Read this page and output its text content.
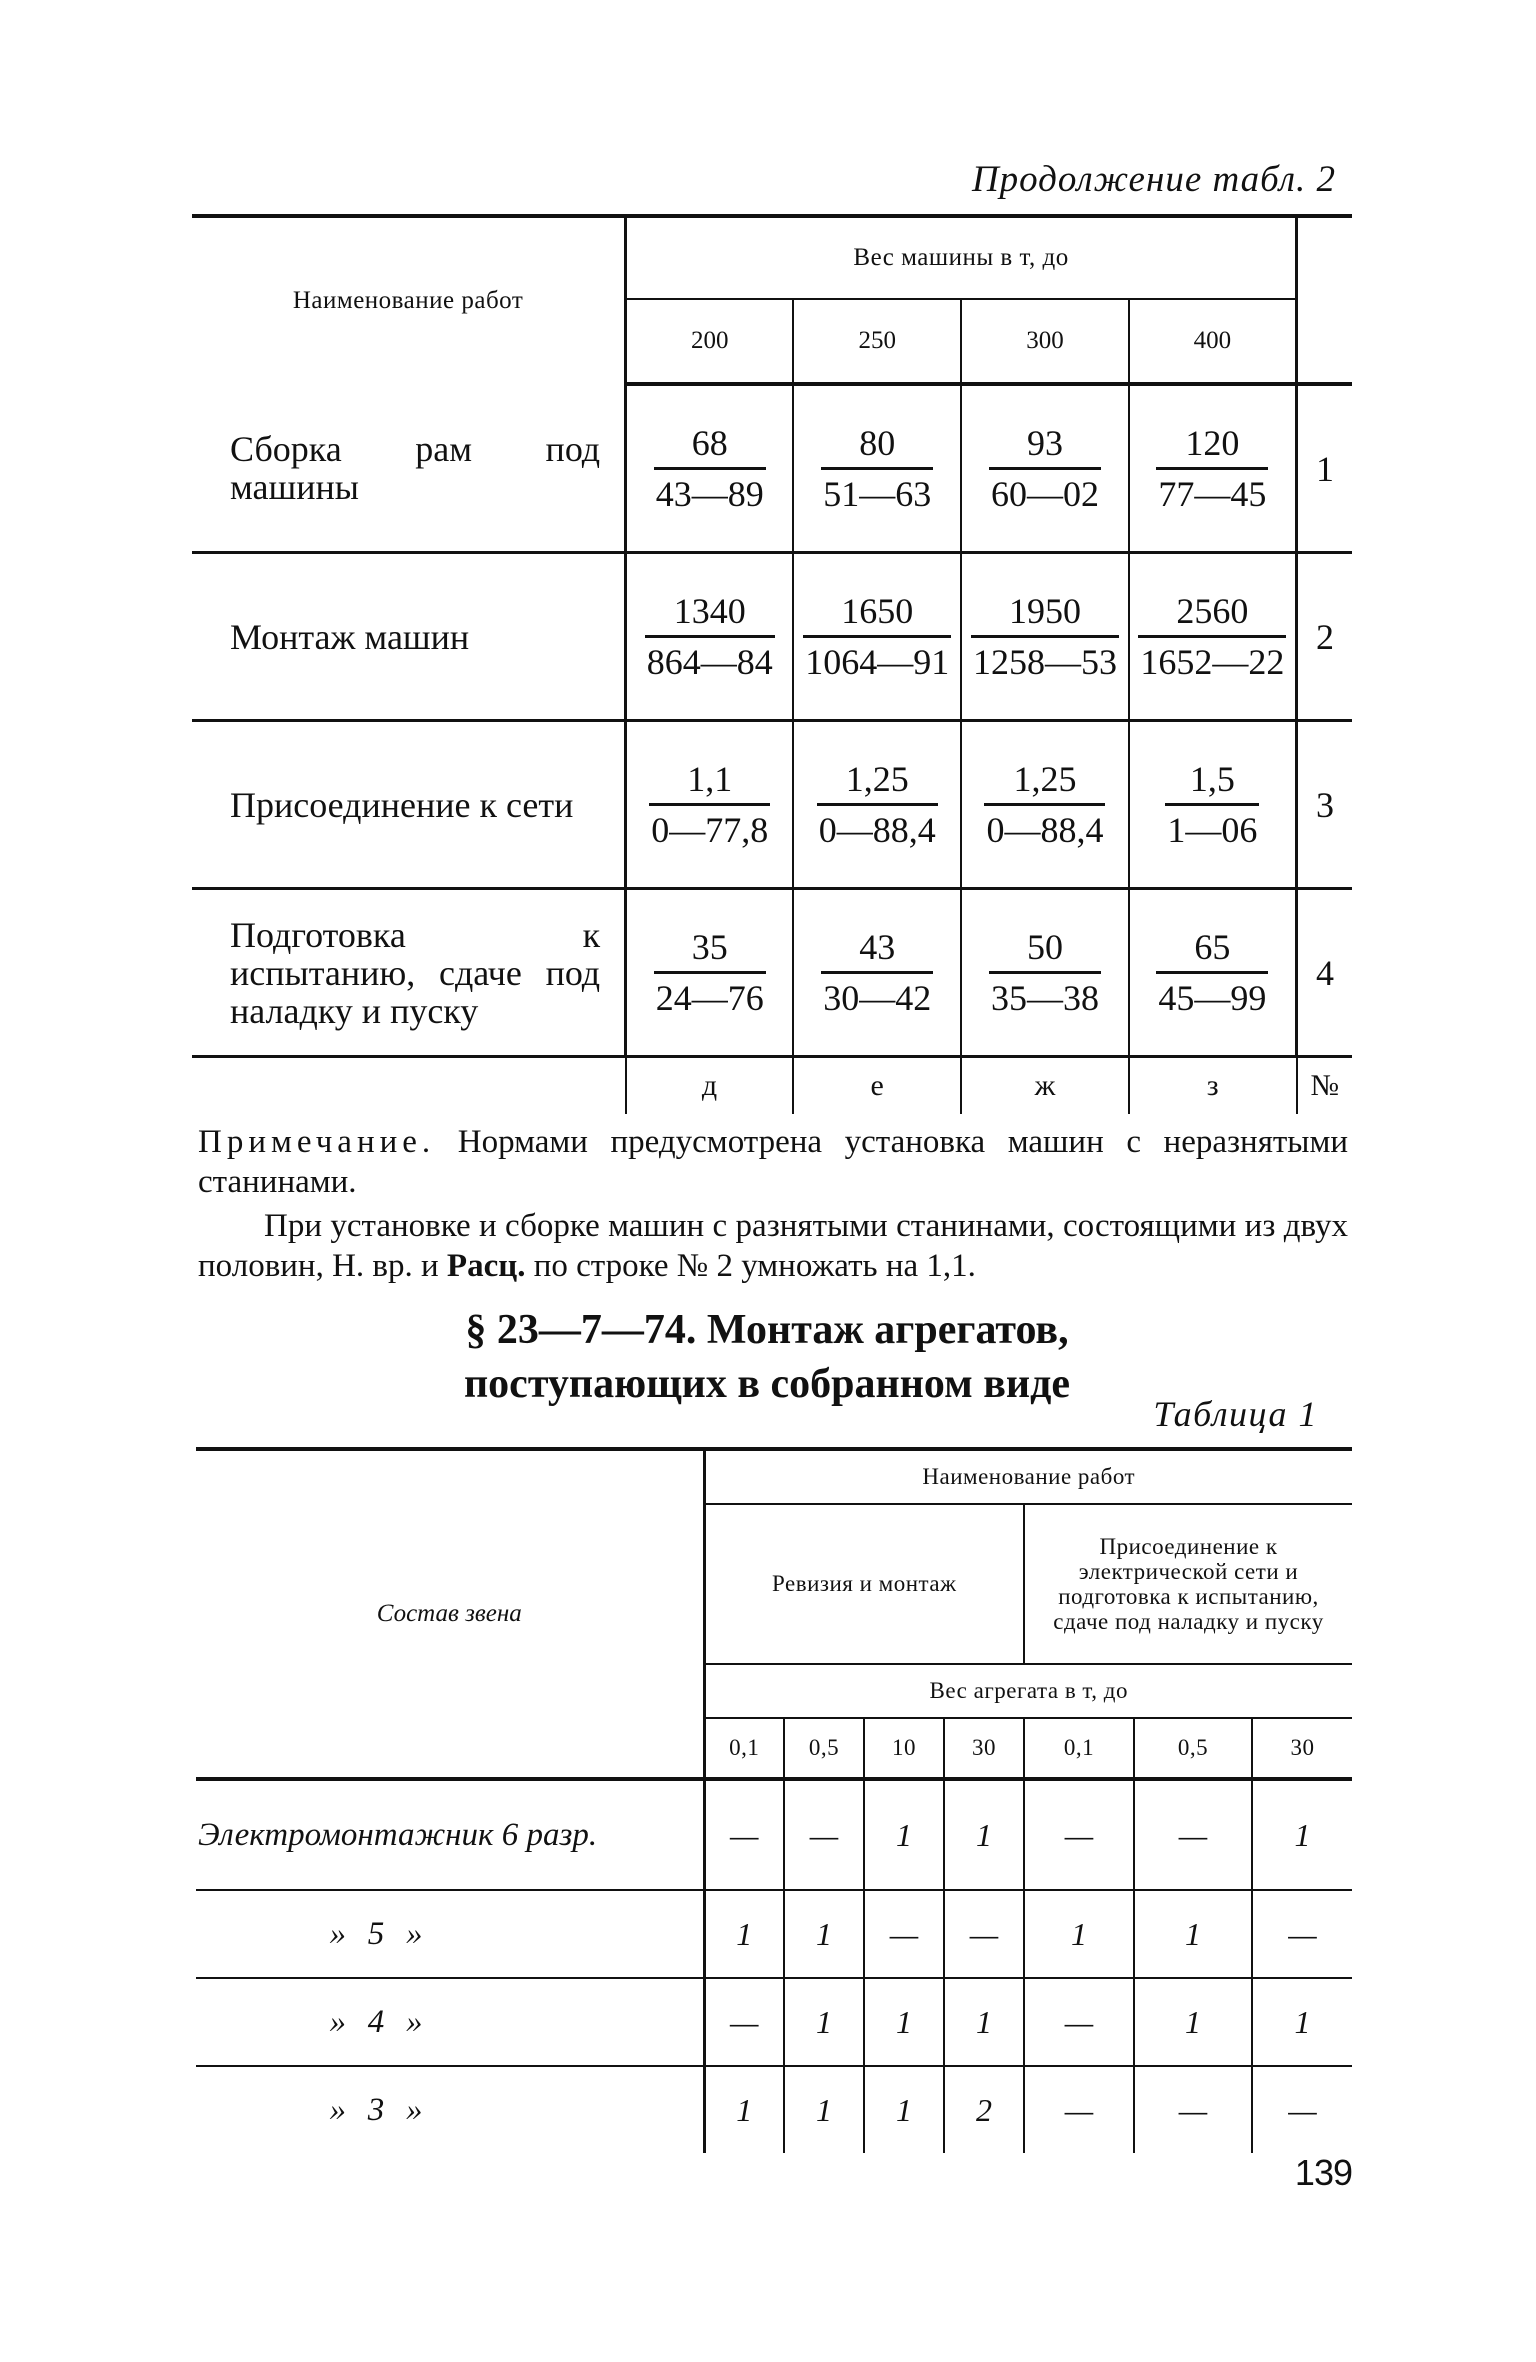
Продолжение табл. 2
Наименование работ	Вес машины в т, до				
	200	250	300	400	
Сборка рам под машины	$\frac{68}{43—89}$	$\frac{80}{51—63}$	$\frac{93}{60—02}$	$\frac{120}{77—45}$	1
Монтаж машин	$\frac{1340}{864—84}$	$\frac{1650}{1064—91}$	$\frac{1950}{1258—53}$	$\frac{2560}{1652—22}$	2
Присоединение к сети	$\frac{1,1}{0—77,8}$	$\frac{1,25}{0—88,4}$	$\frac{1,25}{0—88,4}$	$\frac{1,5}{1—06}$	3
Подготовка к испытанию, сдаче под наладку и пуску	$\frac{35}{24—76}$	$\frac{43}{30—42}$	$\frac{50}{35—38}$	$\frac{65}{45—99}$	4
	д	е	ж	з	№

Примечание. Нормами предусмотрена установка машин с неразнятыми станинами.

При установке и сборке машин с разнятыми станинами, состоящими из двух половин, Н. вр. и Расц. по строке № 2 умножать на 1,1.

§ 23—7—74. Монтаж агрегатов,
поступающих в собранном виде
Таблица 1
Состав звена	Наименование работ						
	Ревизия и монтаж				Присоединение к электрической сети и подготовка к испытанию, сдаче под наладку и пуску		
	Вес агрегата в т, до						
	0,1	0,5	10	30	0,1	0,5	30
Электромонтажник 6 разр.	—	—	1	1	—	—	1
» 5 »	1	1	—	—	1	1	—
» 4 »	—	1	1	1	—	1	1
» 3 »	1	1	1	2	—	—	—
139
